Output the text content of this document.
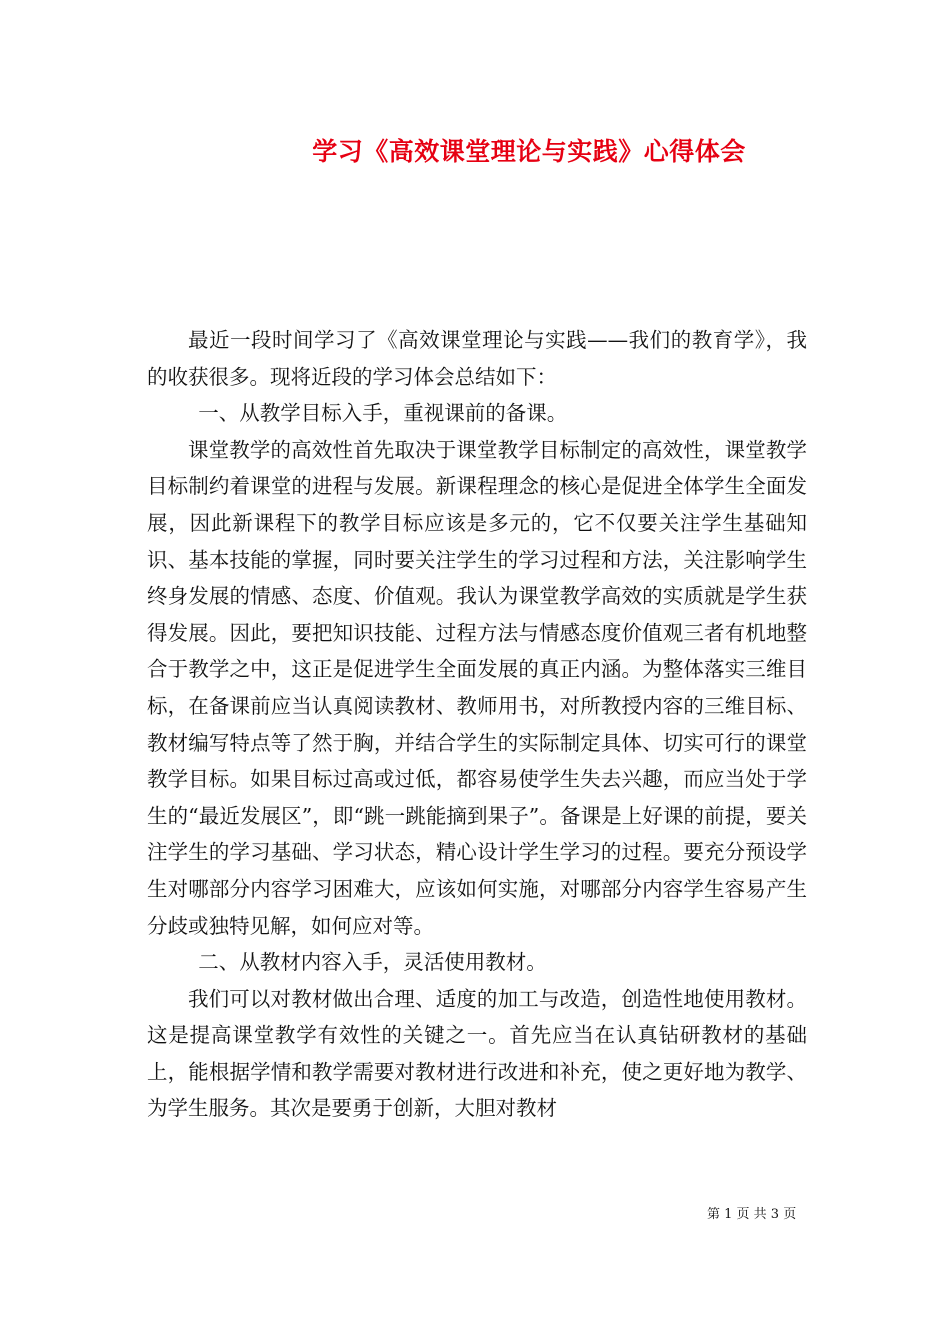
学习《高效课堂理论与实践》心得体会

最近一段时间学习了《高效课堂理论与实践——我们的教育学》，我的收获很多。现将近段的学习体会总结如下：

一、从教学目标入手，重视课前的备课。

课堂教学的高效性首先取决于课堂教学目标制定的高效性，课堂教学目标制约着课堂的进程与发展。新课程理念的核心是促进全体学生全面发展，因此新课程下的教学目标应该是多元的，它不仅要关注学生基础知识、基本技能的掌握，同时要关注学生的学习过程和方法，关注影响学生终身发展的情感、态度、价值观。我认为课堂教学高效的实质就是学生获得发展。因此，要把知识技能、过程方法与情感态度价值观三者有机地整合于教学之中，这正是促进学生全面发展的真正内涵。为整体落实三维目标，在备课前应当认真阅读教材、教师用书，对所教授内容的三维目标、教材编写特点等了然于胸，并结合学生的实际制定具体、切实可行的课堂教学目标。如果目标过高或过低，都容易使学生失去兴趣，而应当处于学生的“最近发展区”，即“跳一跳能摘到果子”。备课是上好课的前提，要关注学生的学习基础、学习状态，精心设计学生学习的过程。要充分预设学生对哪部分内容学习困难大，应该如何实施，对哪部分内容学生容易产生分歧或独特见解，如何应对等。

二、从教材内容入手，灵活使用教材。

我们可以对教材做出合理、适度的加工与改造，创造性地使用教材。这是提高课堂教学有效性的关键之一。首先应当在认真钻研教材的基础上，能根据学情和教学需要对教材进行改进和补充，使之更好地为教学、为学生服务。其次是要勇于创新，大胆对教材

第 1 页 共 3 页
